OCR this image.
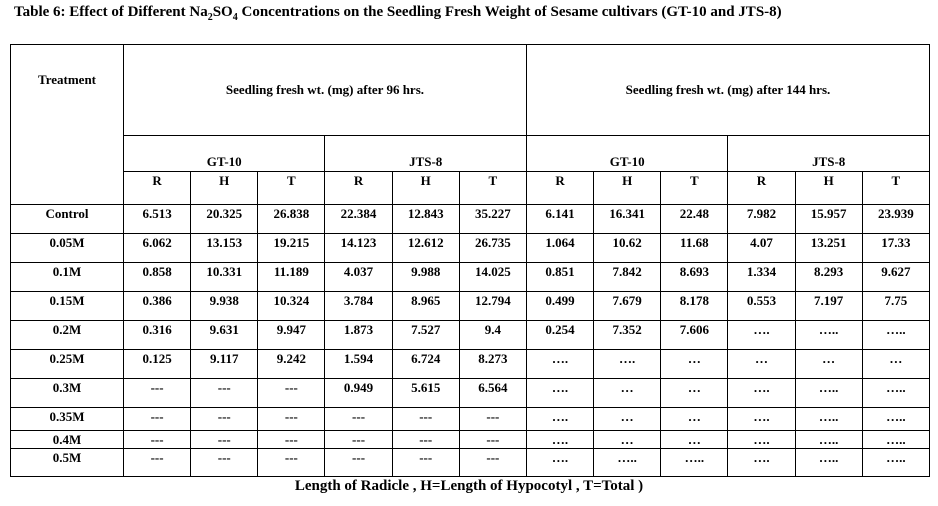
Table 6: Effect of Different $Na_2SO_4$ Concentrations on the Seedling Fresh Weight of Sesame cultivars (GT-10 and JTS-8)
Treatment	Seedling fresh wt. (mg) after 96 hrs.						Seedling fresh wt. (mg) after 144 hrs.					
	GT-10			JTS-8			GT-10			JTS-8		
	R	H	T	R	H	T	R	H	T	R	H	T
Control	6.513	20.325	26.838	22.384	12.843	35.227	6.141	16.341	22.48	7.982	15.957	23.939
0.05M	6.062	13.153	19.215	14.123	12.612	26.735	1.064	10.62	11.68	4.07	13.251	17.33
0.1M	0.858	10.331	11.189	4.037	9.988	14.025	0.851	7.842	8.693	1.334	8.293	9.627
0.15M	0.386	9.938	10.324	3.784	8.965	12.794	0.499	7.679	8.178	0.553	7.197	7.75
0.2M	0.316	9.631	9.947	1.873	7.527	9.4	0.254	7.352	7.606	….	…..	…..
0.25M	0.125	9.117	9.242	1.594	6.724	8.273	….	….	…	…	…	…
0.3M	---	---	---	0.949	5.615	6.564	….	…	…	….	…..	…..
0.35M	---	---	---	---	---	---	….	…	…	….	…..	…..
0.4M	---	---	---	---	---	---	….	…	…	….	…..	…..
0.5M	---	---	---	---	---	---	….	…..	…..	….	…..	…..
Length of Radicle , H=Length of Hypocotyl , T=Total )
